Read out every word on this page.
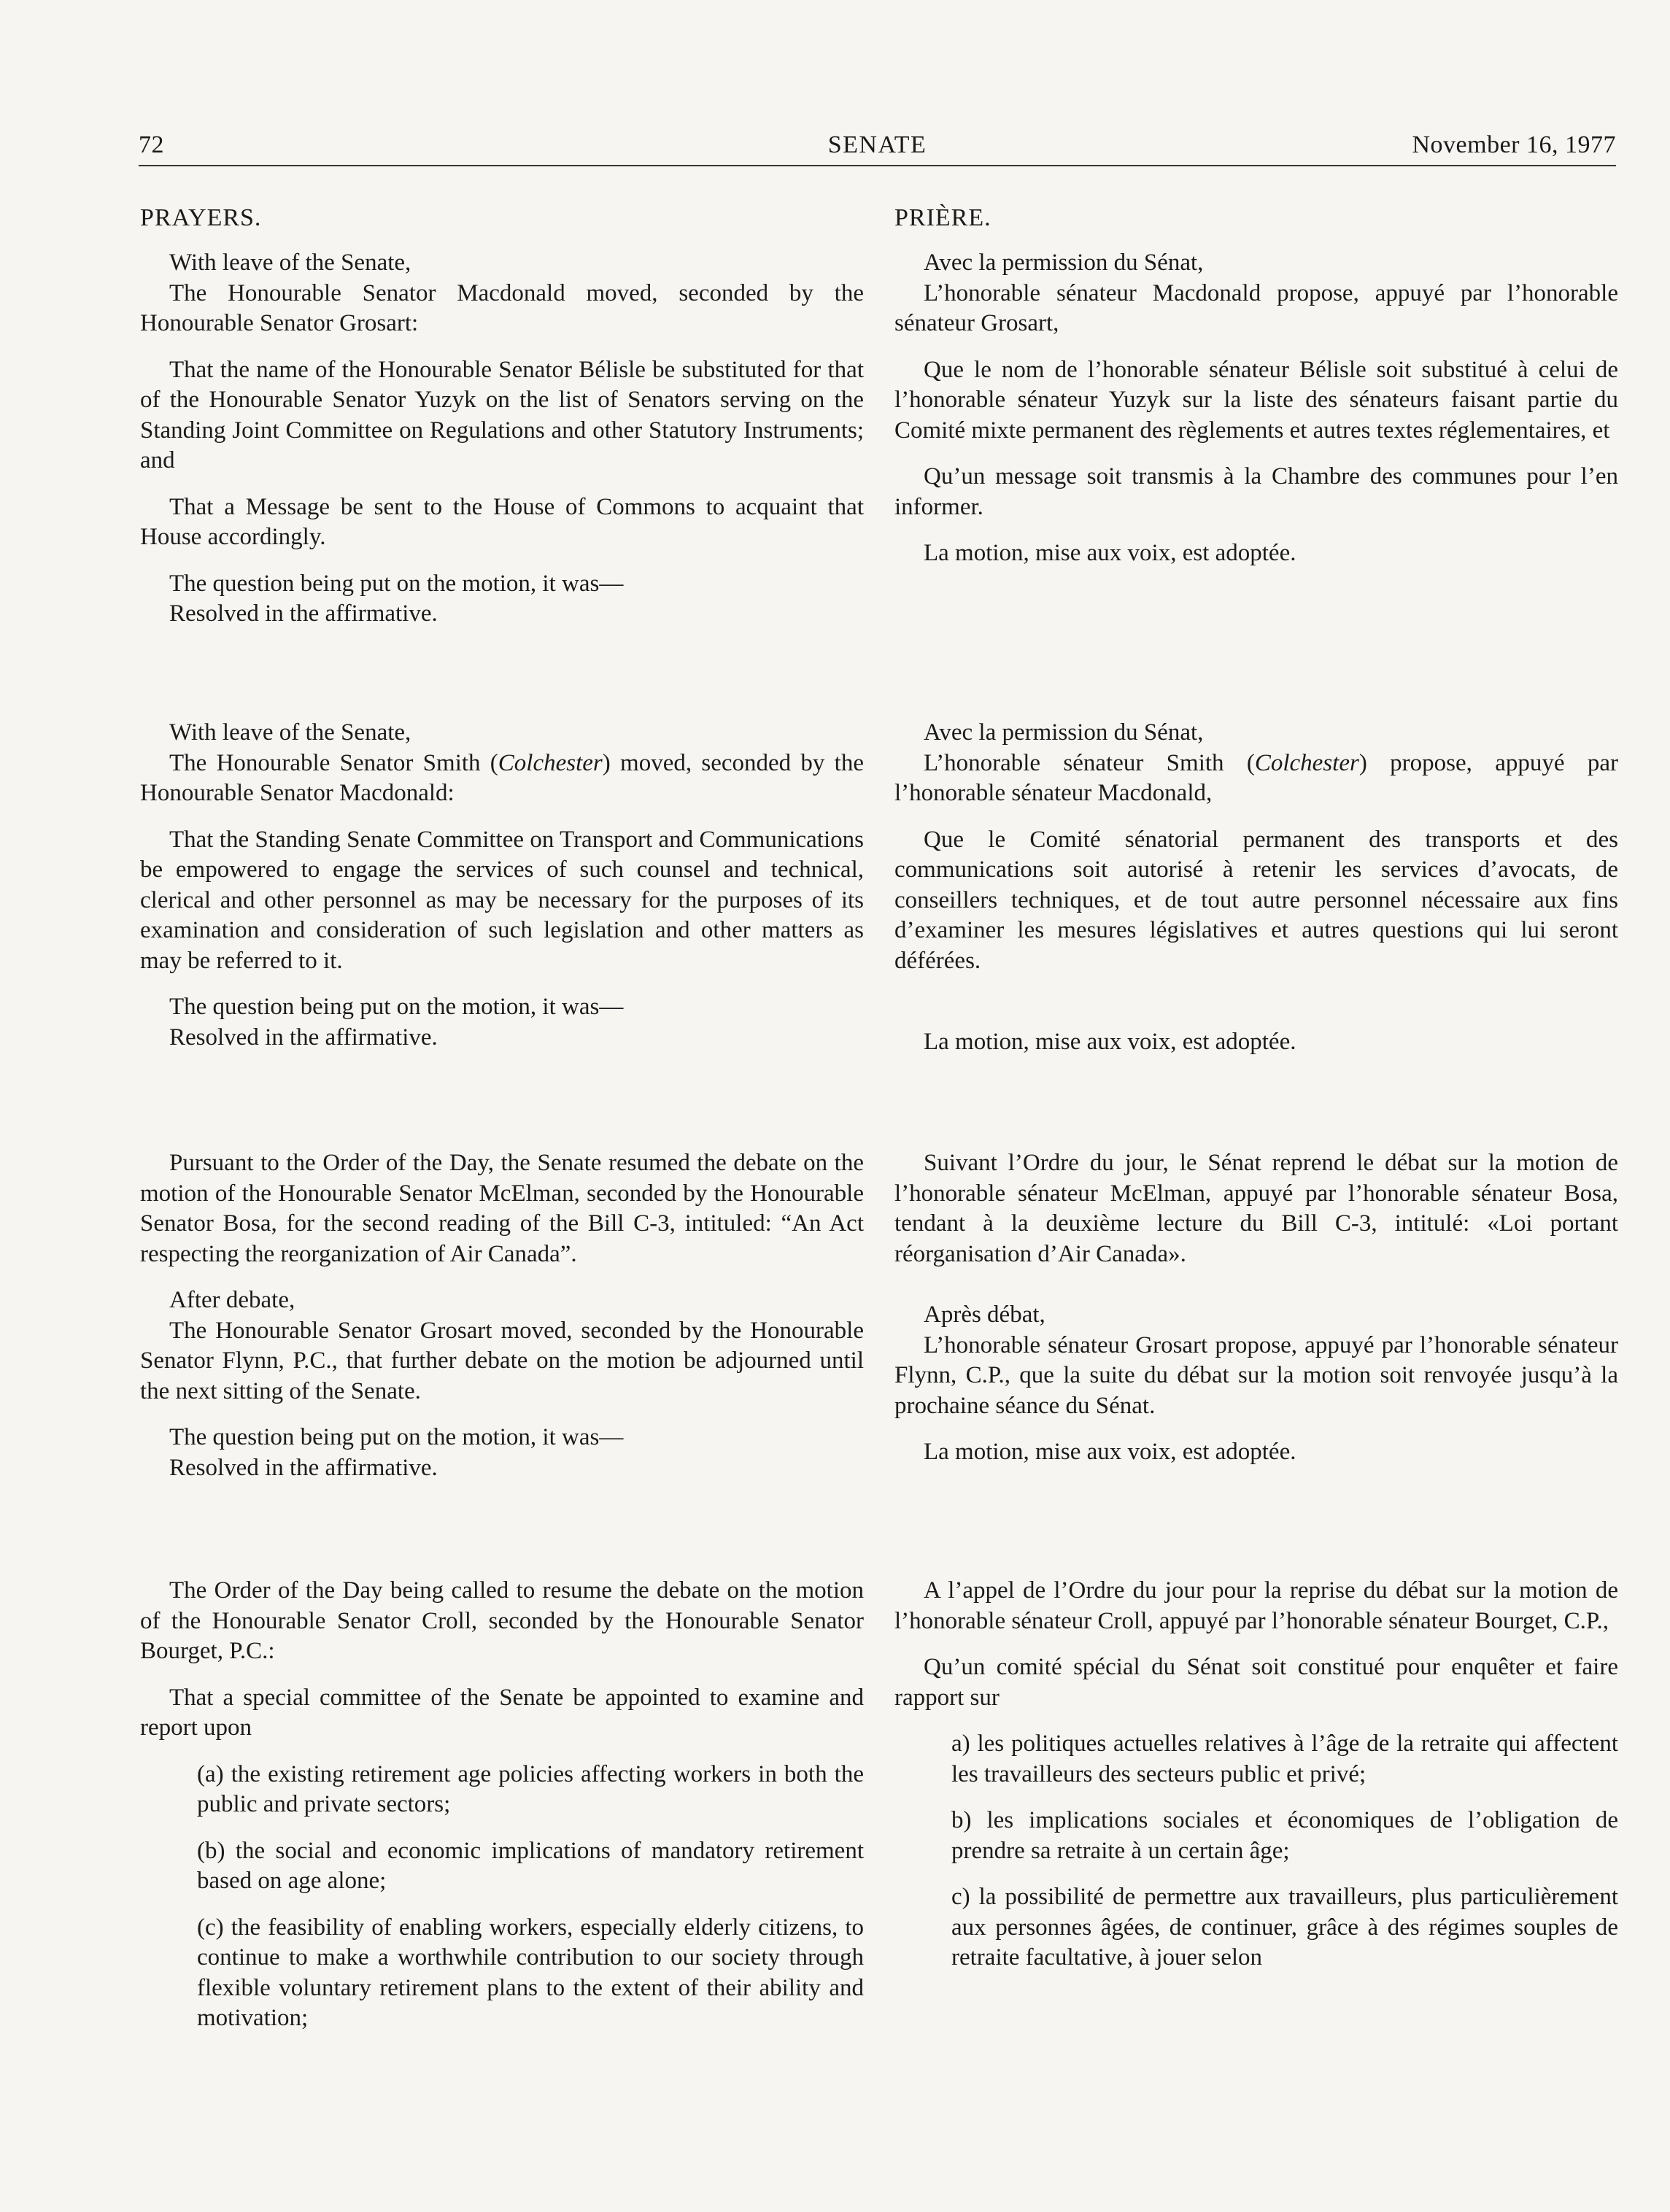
72	SENATE	November 16, 1977

PRAYERS.

With leave of the Senate,

The Honourable Senator Macdonald moved, seconded by the Honourable Senator Grosart:

That the name of the Honourable Senator Bélisle be substituted for that of the Honourable Senator Yuzyk on the list of Senators serving on the Standing Joint Committee on Regulations and other Statutory Instruments; and

That a Message be sent to the House of Commons to acquaint that House accordingly.

The question being put on the motion, it was—

Resolved in the affirmative.

With leave of the Senate,

The Honourable Senator Smith (Colchester) moved, seconded by the Honourable Senator Macdonald:

That the Standing Senate Committee on Transport and Communications be empowered to engage the services of such counsel and technical, clerical and other personnel as may be necessary for the purposes of its examination and consideration of such legislation and other matters as may be referred to it.

The question being put on the motion, it was—

Resolved in the affirmative.

Pursuant to the Order of the Day, the Senate resumed the debate on the motion of the Honourable Senator McElman, seconded by the Honourable Senator Bosa, for the second reading of the Bill C-3, intituled: “An Act respecting the reorganization of Air Canada”.

After debate,

The Honourable Senator Grosart moved, seconded by the Honourable Senator Flynn, P.C., that further debate on the motion be adjourned until the next sitting of the Senate.

The question being put on the motion, it was—

Resolved in the affirmative.

The Order of the Day being called to resume the debate on the motion of the Honourable Senator Croll, seconded by the Honourable Senator Bourget, P.C.:

That a special committee of the Senate be appointed to examine and report upon

(a) the existing retirement age policies affecting workers in both the public and private sectors;

(b) the social and economic implications of mandatory retirement based on age alone;

(c) the feasibility of enabling workers, especially elderly citizens, to continue to make a worthwhile contribution to our society through flexible voluntary retirement plans to the extent of their ability and motivation;

PRIÈRE.

Avec la permission du Sénat,

L’honorable sénateur Macdonald propose, appuyé par l’honorable sénateur Grosart,

Que le nom de l’honorable sénateur Bélisle soit substitué à celui de l’honorable sénateur Yuzyk sur la liste des sénateurs faisant partie du Comité mixte permanent des règlements et autres textes réglementaires, et

Qu’un message soit transmis à la Chambre des communes pour l’en informer.

La motion, mise aux voix, est adoptée.

Avec la permission du Sénat,

L’honorable sénateur Smith (Colchester) propose, appuyé par l’honorable sénateur Macdonald,

Que le Comité sénatorial permanent des transports et des communications soit autorisé à retenir les services d’avocats, de conseillers techniques, et de tout autre personnel nécessaire aux fins d’examiner les mesures législatives et autres questions qui lui seront déférées.

La motion, mise aux voix, est adoptée.

Suivant l’Ordre du jour, le Sénat reprend le débat sur la motion de l’honorable sénateur McElman, appuyé par l’honorable sénateur Bosa, tendant à la deuxième lecture du Bill C-3, intitulé: «Loi portant réorganisation d’Air Canada».

Après débat,

L’honorable sénateur Grosart propose, appuyé par l’honorable sénateur Flynn, C.P., que la suite du débat sur la motion soit renvoyée jusqu’à la prochaine séance du Sénat.

La motion, mise aux voix, est adoptée.

A l’appel de l’Ordre du jour pour la reprise du débat sur la motion de l’honorable sénateur Croll, appuyé par l’honorable sénateur Bourget, C.P.,

Qu’un comité spécial du Sénat soit constitué pour enquêter et faire rapport sur

a) les politiques actuelles relatives à l’âge de la retraite qui affectent les travailleurs des secteurs public et privé;

b) les implications sociales et économiques de l’obligation de prendre sa retraite à un certain âge;

c) la possibilité de permettre aux travailleurs, plus particulièrement aux personnes âgées, de continuer, grâce à des régimes souples de retraite facultative, à jouer selon
